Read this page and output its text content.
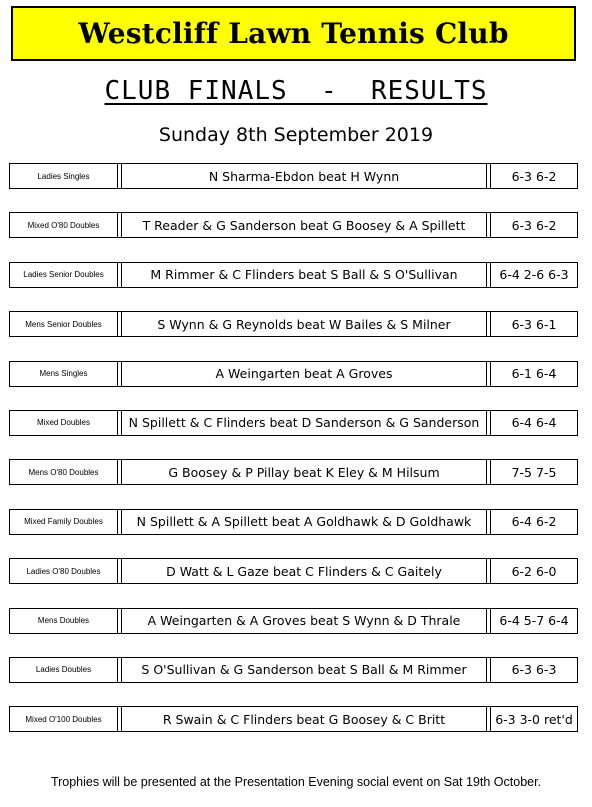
Westcliff Lawn Tennis Club
CLUB FINALS  -  RESULTS
Sunday 8th September 2019
Ladies Singles	N Sharma-Ebdon beat H Wynn	6-3 6-2
Mixed O'80 Doubles	T Reader & G Sanderson beat G Boosey & A Spillett	6-3 6-2
Ladies Senior Doubles	M Rimmer & C Flinders beat S Ball & S O'Sullivan	6-4 2-6 6-3
Mens Senior Doubles	S Wynn & G Reynolds beat W Bailes & S Milner	6-3 6-1
Mens Singles	A Weingarten beat A Groves	6-1 6-4
Mixed Doubles	N Spillett & C Flinders beat D Sanderson & G Sanderson	6-4 6-4
Mens O'80 Doubles	G Boosey & P Pillay beat K Eley & M Hilsum	7-5 7-5
Mixed Family Doubles	N Spillett & A Spillett beat A Goldhawk & D Goldhawk	6-4 6-2
Ladies O'80 Doubles	D Watt & L Gaze beat C Flinders & C Gaitely	6-2 6-0
Mens Doubles	A Weingarten & A Groves beat S Wynn & D Thrale	6-4 5-7 6-4
Ladies Doubles	S O'Sullivan & G Sanderson beat S Ball & M Rimmer	6-3 6-3
Mixed O'100 Doubles	R Swain & C Flinders beat G Boosey & C Britt	6-3 3-0 ret'd
Trophies will be presented at the Presentation Evening social event on Sat 19th October.
